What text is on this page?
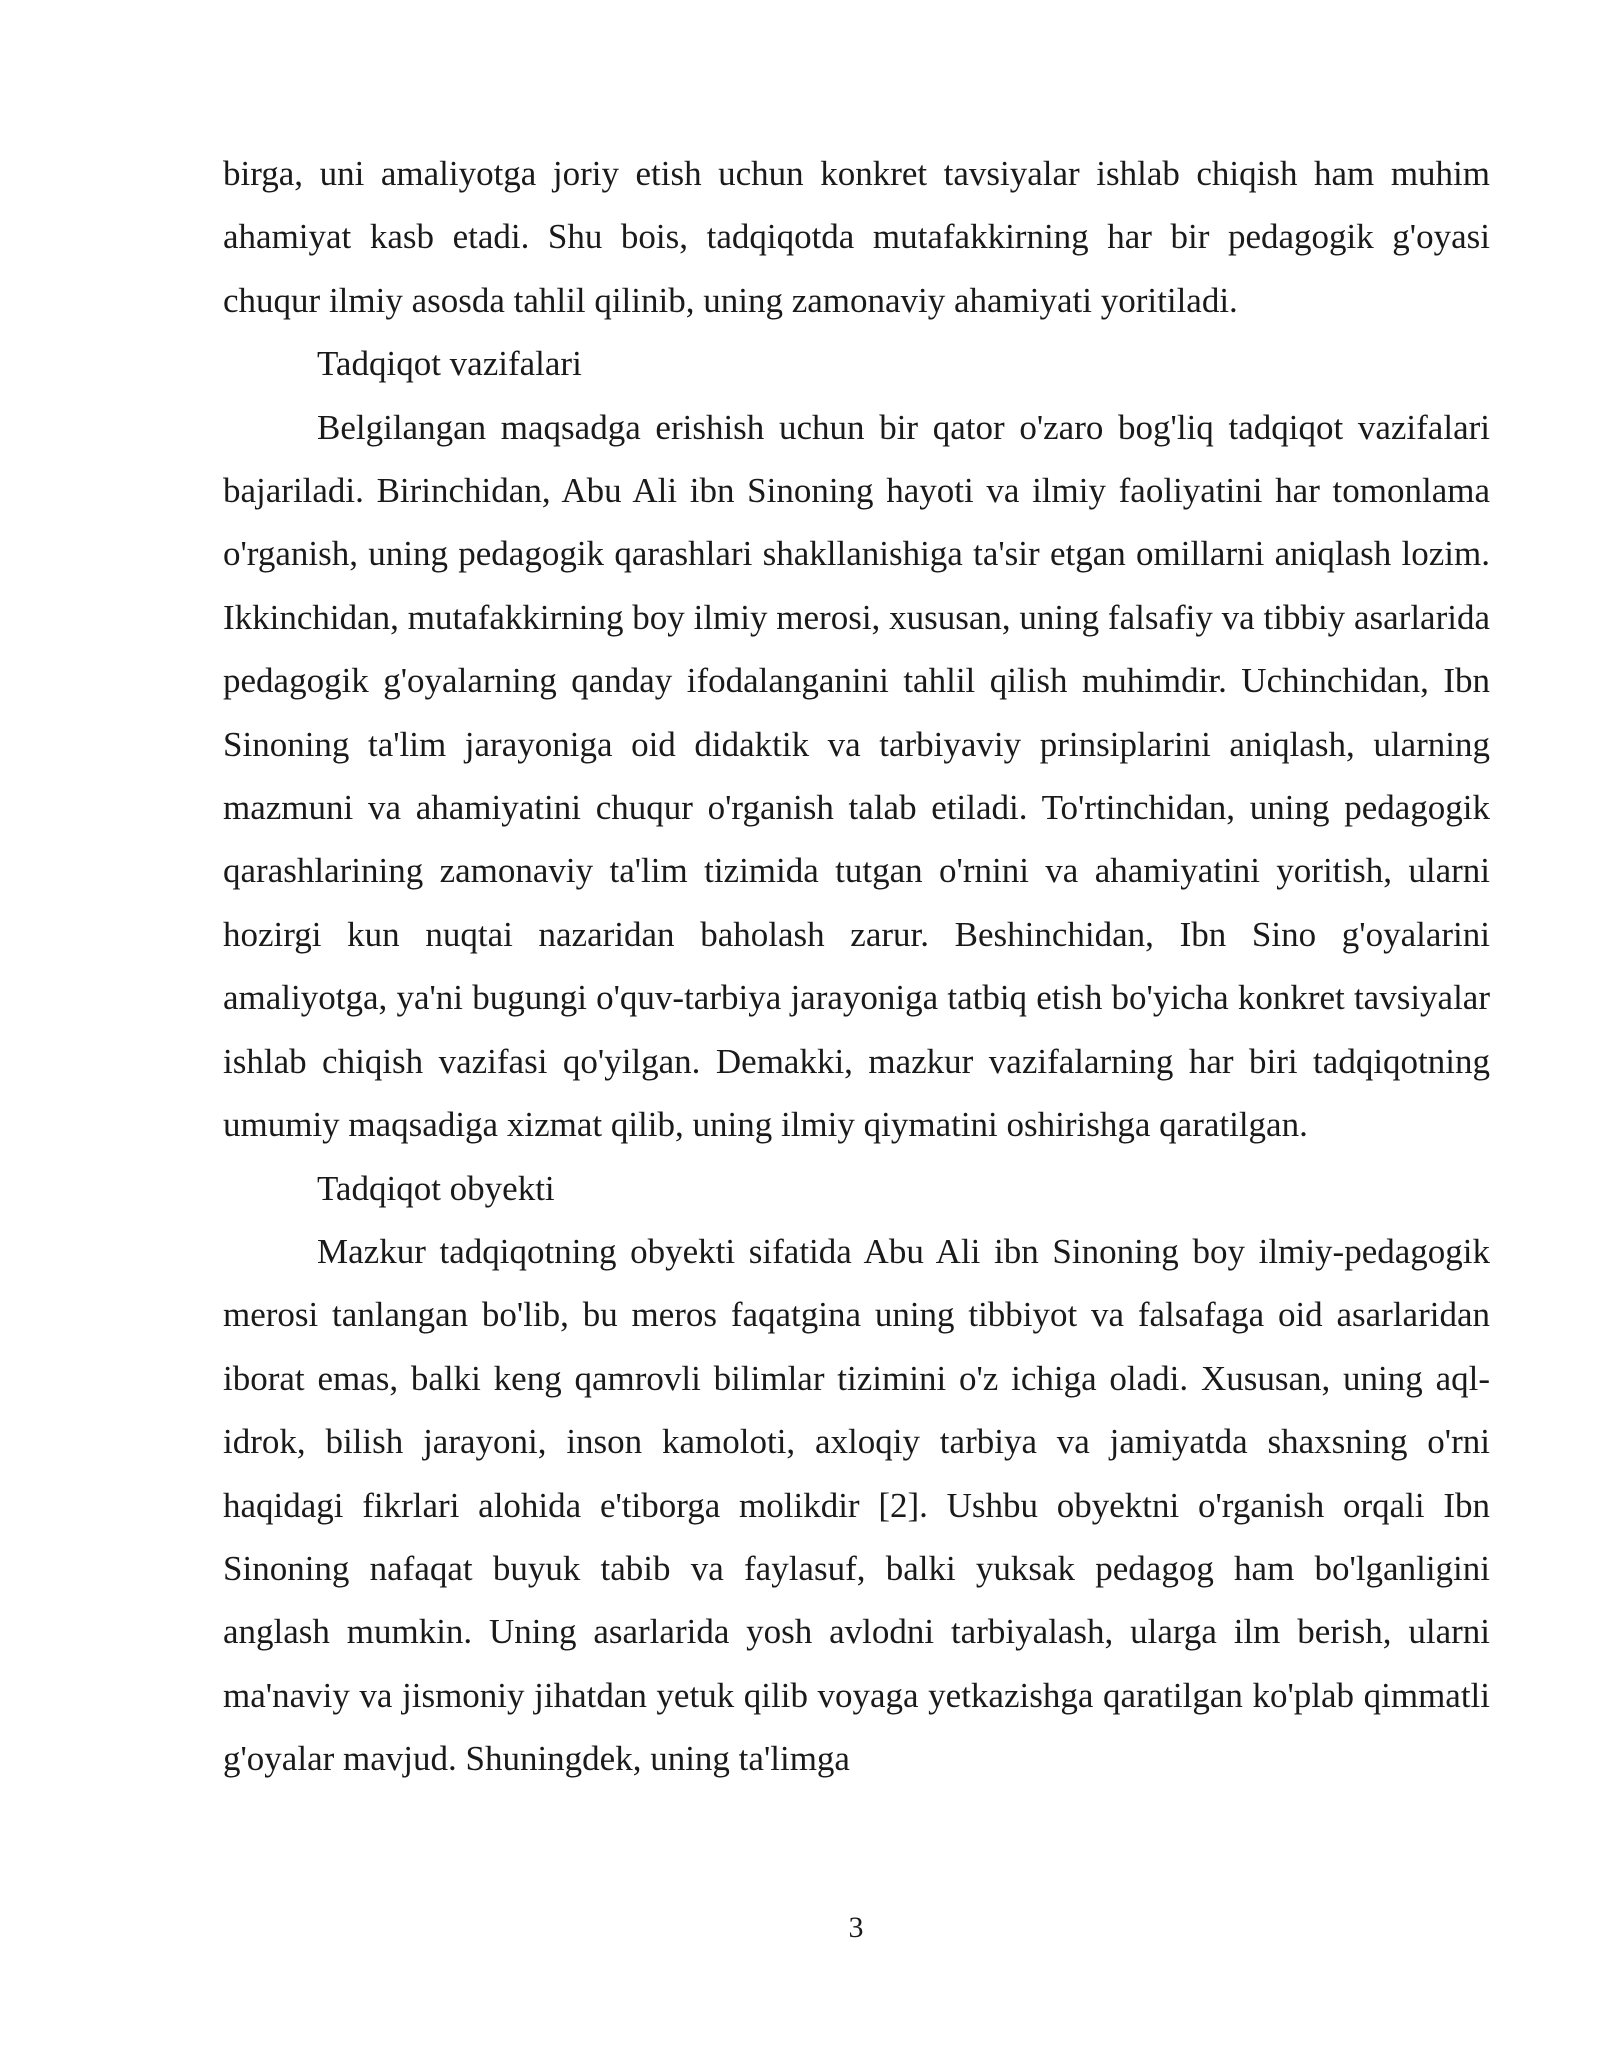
birga, uni amaliyotga joriy etish uchun konkret tavsiyalar ishlab chiqish ham muhim ahamiyat kasb etadi. Shu bois, tadqiqotda mutafakkirning har bir pedagogik g'oyasi chuqur ilmiy asosda tahlil qilinib, uning zamonaviy ahamiyati yoritiladi.

Tadqiqot vazifalari

Belgilangan maqsadga erishish uchun bir qator o'zaro bog'liq tadqiqot vazifalari bajariladi. Birinchidan, Abu Ali ibn Sinoning hayoti va ilmiy faoliyatini har tomonlama o'rganish, uning pedagogik qarashlari shakllanishiga ta'sir etgan omillarni aniqlash lozim. Ikkinchidan, mutafakkirning boy ilmiy merosi, xususan, uning falsafiy va tibbiy asarlarida pedagogik g'oyalarning qanday ifodalanganini tahlil qilish muhimdir. Uchinchidan, Ibn Sinoning ta'lim jarayoniga oid didaktik va tarbiyaviy prinsiplarini aniqlash, ularning mazmuni va ahamiyatini chuqur o'rganish talab etiladi. To'rtinchidan, uning pedagogik qarashlarining zamonaviy ta'lim tizimida tutgan o'rnini va ahamiyatini yoritish, ularni hozirgi kun nuqtai nazaridan baholash zarur. Beshinchidan, Ibn Sino g'oyalarini amaliyotga, ya'ni bugungi o'quv-tarbiya jarayoniga tatbiq etish bo'yicha konkret tavsiyalar ishlab chiqish vazifasi qo'yilgan. Demakki, mazkur vazifalarning har biri tadqiqotning umumiy maqsadiga xizmat qilib, uning ilmiy qiymatini oshirishga qaratilgan.

Tadqiqot obyekti

Mazkur tadqiqotning obyekti sifatida Abu Ali ibn Sinoning boy ilmiy-pedagogik merosi tanlangan bo'lib, bu meros faqatgina uning tibbiyot va falsafaga oid asarlaridan iborat emas, balki keng qamrovli bilimlar tizimini o'z ichiga oladi. Xususan, uning aql-idrok, bilish jarayoni, inson kamoloti, axloqiy tarbiya va jamiyatda shaxsning o'rni haqidagi fikrlari alohida e'tiborga molikdir [2]. Ushbu obyektni o'rganish orqali Ibn Sinoning nafaqat buyuk tabib va faylasuf, balki yuksak pedagog ham bo'lganligini anglash mumkin. Uning asarlarida yosh avlodni tarbiyalash, ularga ilm berish, ularni ma'naviy va jismoniy jihatdan yetuk qilib voyaga yetkazishga qaratilgan ko'plab qimmatli g'oyalar mavjud. Shuningdek, uning ta'limga

3
